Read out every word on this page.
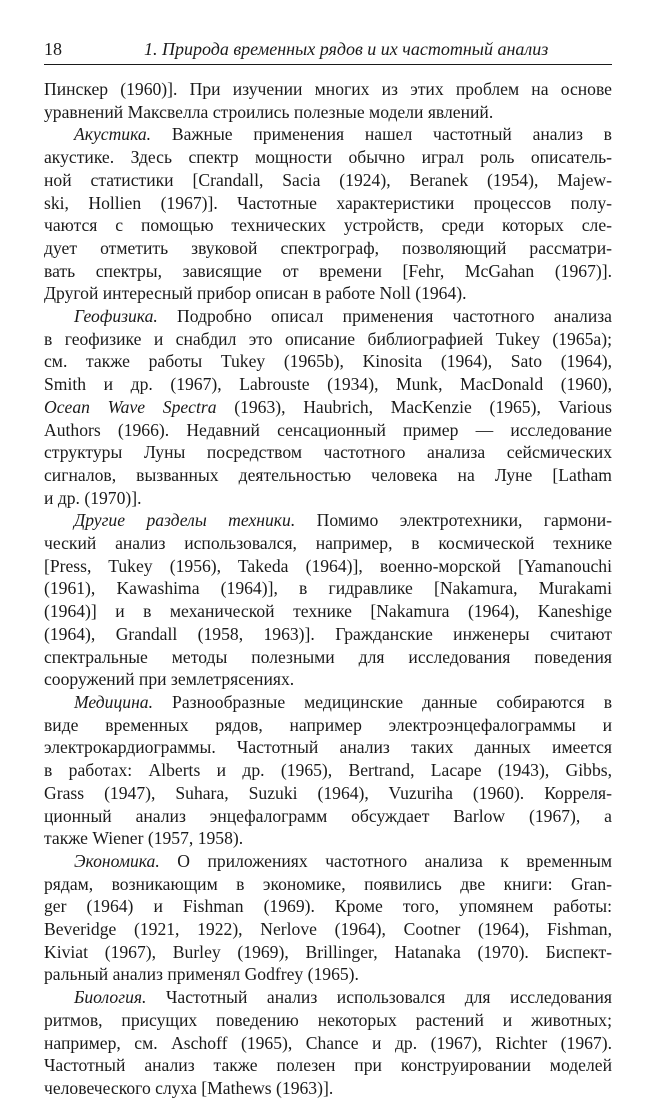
18	1. Природа временных рядов и их частотный анализ
Пинскер (1960)]. При изучении многих из этих проблем на основе
уравнений Максвелла строились полезные модели явлений.
Акустика. Важные применения нашел частотный анализ в
акустике. Здесь спектр мощности обычно играл роль описатель-
ной статистики [Crandall, Sacia (1924), Beranek (1954), Majew-
ski, Hollien (1967)]. Частотные характеристики процессов полу-
чаются с помощью технических устройств, среди которых сле-
дует отметить звуковой спектрограф, позволяющий рассматри-
вать спектры, зависящие от времени [Fehr, McGahan (1967)].
Другой интересный прибор описан в работе Noll (1964).
Геофизика. Подробно описал применения частотного анализа
в геофизике и снабдил это описание библиографией Tukey (1965a);
см. также работы Tukey (1965b), Kinosita (1964), Sato (1964),
Smith и др. (1967), Labrouste (1934), Munk, MacDonald (1960),
Ocean Wave Spectra (1963), Haubrich, MacKenzie (1965), Various
Authors (1966). Недавний сенсационный пример — исследование
структуры Луны посредством частотного анализа сейсмических
сигналов, вызванных деятельностью человека на Луне [Latham
и др. (1970)].
Другие разделы техники. Помимо электротехники, гармони-
ческий анализ использовался, например, в космической технике
[Press, Tukey (1956), Takeda (1964)], военно-морской [Yamanouchi
(1961), Kawashima (1964)], в гидравлике [Nakamura, Murakami
(1964)] и в механической технике [Nakamura (1964), Kaneshige
(1964), Grandall (1958, 1963)]. Гражданские инженеры считают
спектральные методы полезными для исследования поведения
сооружений при землетрясениях.
Медицина. Разнообразные медицинские данные собираются в
виде временных рядов, например электроэнцефалограммы и
электрокардиограммы. Частотный анализ таких данных имеется
в работах: Alberts и др. (1965), Bertrand, Lacape (1943), Gibbs,
Grass (1947), Suhara, Suzuki (1964), Vuzuriha (1960). Корреля-
ционный анализ энцефалограмм обсуждает Barlow (1967), а
также Wiener (1957, 1958).
Экономика. О приложениях частотного анализа к временным
рядам, возникающим в экономике, появились две книги: Gran-
ger (1964) и Fishman (1969). Кроме того, упомянем работы:
Beveridge (1921, 1922), Nerlove (1964), Cootner (1964), Fishman,
Kiviat (1967), Burley (1969), Brillinger, Hatanaka (1970). Биспект-
ральный анализ применял Godfrey (1965).
Биология. Частотный анализ использовался для исследования
ритмов, присущих поведению некоторых растений и животных;
например, см. Aschoff (1965), Chance и др. (1967), Richter (1967).
Частотный анализ также полезен при конструировании моделей
человеческого слуха [Mathews (1963)].
